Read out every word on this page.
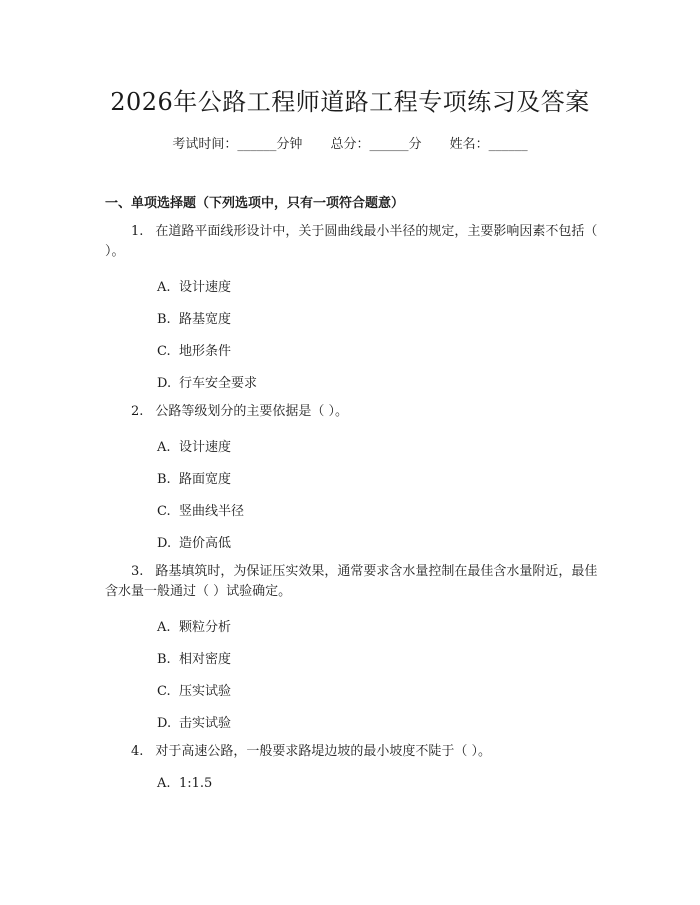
2026年公路工程师道路工程专项练习及答案
考试时间：______分钟 总分：______分 姓名：______
一、单项选择题（下列选项中，只有一项符合题意）
1. 在道路平面线形设计中，关于圆曲线最小半径的规定，主要影响因素不包括（ ）。
A. 设计速度
B. 路基宽度
C. 地形条件
D. 行车安全要求
2. 公路等级划分的主要依据是（ ）。
A. 设计速度
B. 路面宽度
C. 竖曲线半径
D. 造价高低
3. 路基填筑时，为保证压实效果，通常要求含水量控制在最佳含水量附近，最佳含水量一般通过（ ）试验确定。
A. 颗粒分析
B. 相对密度
C. 压实试验
D. 击实试验
4. 对于高速公路，一般要求路堤边坡的最小坡度不陡于（ ）。
A. 1:1.5
